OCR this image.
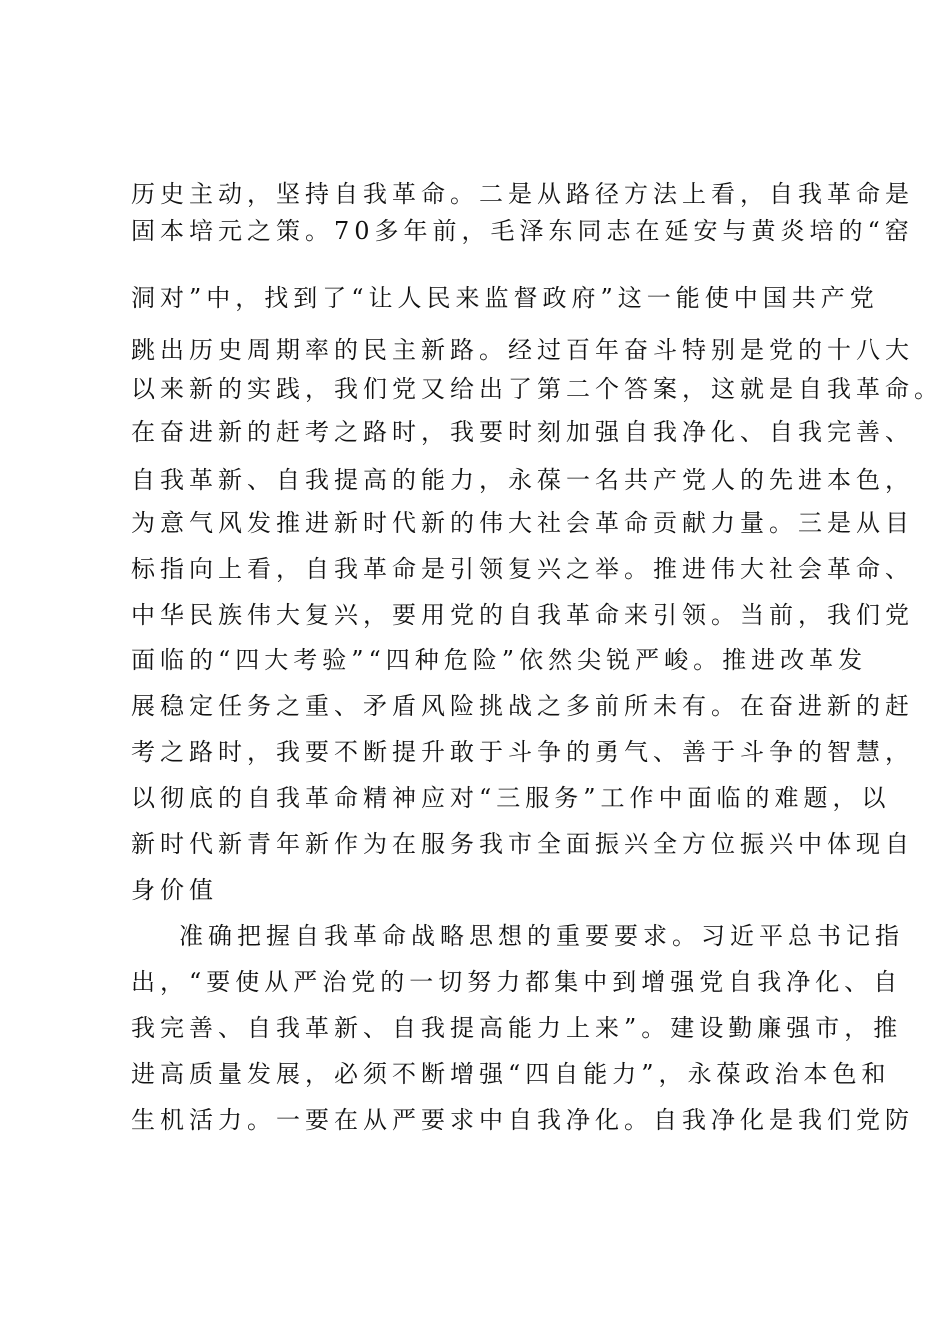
历史主动，坚持自我革命。二是从路径方法上看，自我革命是
固本培元之策。70多年前，毛泽东同志在延安与黄炎培的“窑
洞对”中，找到了“让人民来监督政府”这一能使中国共产党
跳出历史周期率的民主新路。经过百年奋斗特别是党的十八大
以来新的实践，我们党又给出了第二个答案，这就是自我革命。
在奋进新的赶考之路时，我要时刻加强自我净化、自我完善、
自我革新、自我提高的能力，永葆一名共产党人的先进本色，
为意气风发推进新时代新的伟大社会革命贡献力量。三是从目
标指向上看，自我革命是引领复兴之举。推进伟大社会革命、
中华民族伟大复兴，要用党的自我革命来引领。当前，我们党
面临的“四大考验”“四种危险”依然尖锐严峻。推进改革发
展稳定任务之重、矛盾风险挑战之多前所未有。在奋进新的赶
考之路时，我要不断提升敢于斗争的勇气、善于斗争的智慧，
以彻底的自我革命精神应对“三服务”工作中面临的难题，以
新时代新青年新作为在服务我市全面振兴全方位振兴中体现自
身价值
准确把握自我革命战略思想的重要要求。习近平总书记指
出，“要使从严治党的一切努力都集中到增强党自我净化、自
我完善、自我革新、自我提高能力上来”。建设勤廉强市，推
进高质量发展，必须不断增强“四自能力”，永葆政治本色和
生机活力。一要在从严要求中自我净化。自我净化是我们党防
